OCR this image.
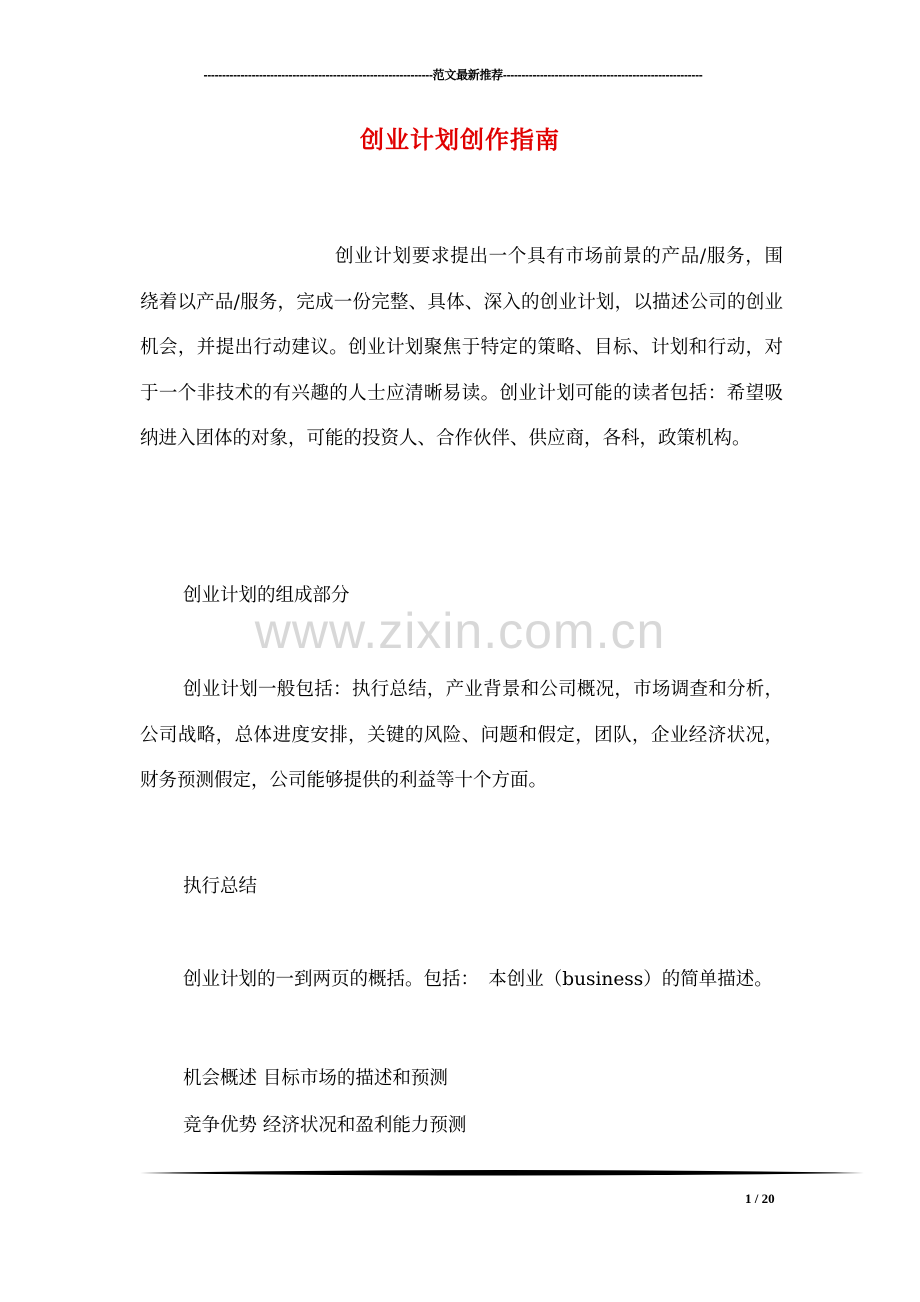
--------------------------------------------------------------范文最新推荐------------------------------------------------------
创业计划创作指南
创业计划要求提出一个具有市场前景的产品/服务，围绕着以产品/服务，完成一份完整、具体、深入的创业计划，以描述公司的创业机会，并提出行动建议。创业计划聚焦于特定的策略、目标、计划和行动，对于一个非技术的有兴趣的人士应清晰易读。创业计划可能的读者包括：希望吸纳进入团体的对象，可能的投资人、合作伙伴、供应商，各科，政策机构。
创业计划的组成部分
www.zixin.com.cn
创业计划一般包括：执行总结，产业背景和公司概况，市场调查和分析，公司战略，总体进度安排，关键的风险、问题和假定，团队，企业经济状况，财务预测假定，公司能够提供的利益等十个方面。
执行总结
创业计划的一到两页的概括。包括：　本创业（business）的简单描述。
机会概述 目标市场的描述和预测
竞争优势 经济状况和盈利能力预测
1 / 20
